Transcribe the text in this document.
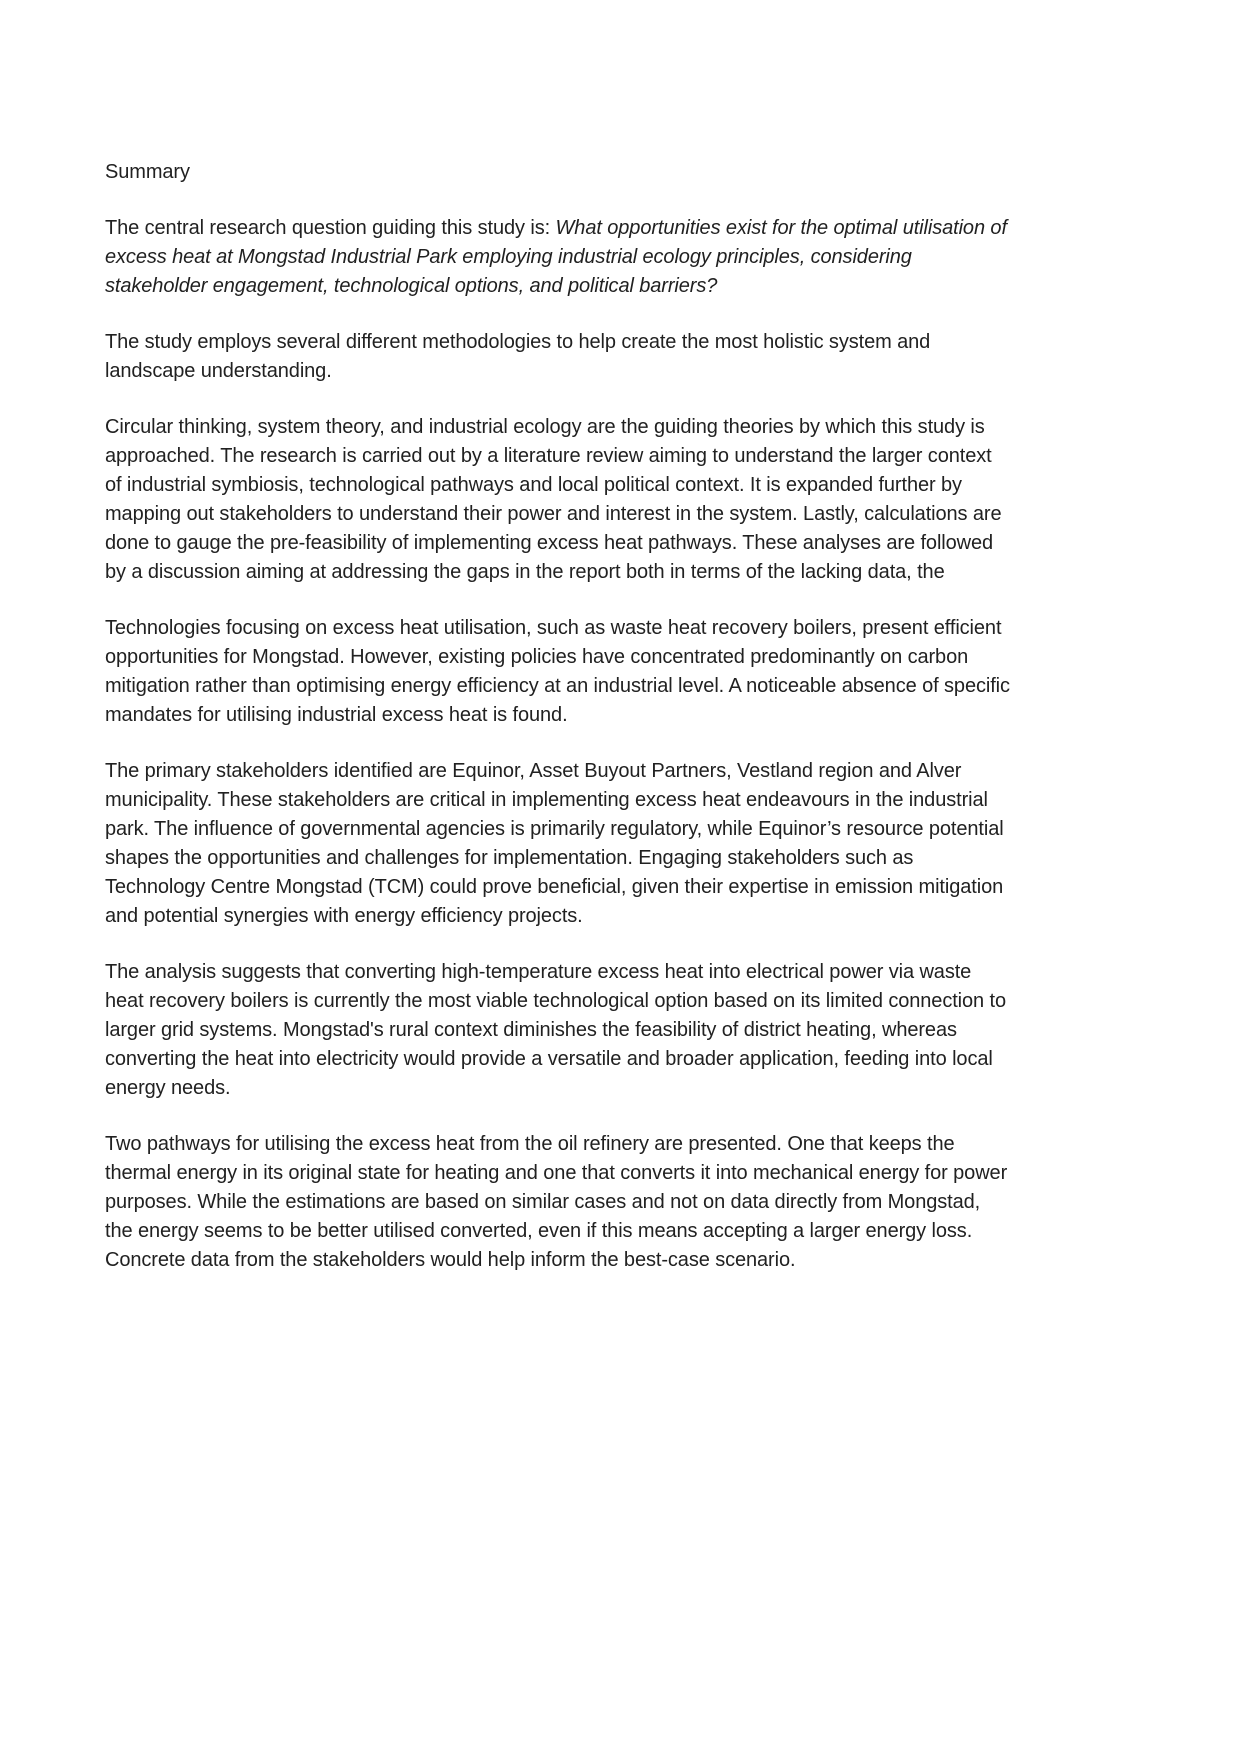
Summary

The central research question guiding this study is: What opportunities exist for the optimal utilisation of excess heat at Mongstad Industrial Park employing industrial ecology principles, considering stakeholder engagement, technological options, and political barriers?

The study employs several different methodologies to help create the most holistic system and landscape understanding.

Circular thinking, system theory, and industrial ecology are the guiding theories by which this study is approached. The research is carried out by a literature review aiming to understand the larger context of industrial symbiosis, technological pathways and local political context. It is expanded further by mapping out stakeholders to understand their power and interest in the system. Lastly, calculations are done to gauge the pre-feasibility of implementing excess heat pathways. These analyses are followed by a discussion aiming at addressing the gaps in the report both in terms of the lacking data, the

Technologies focusing on excess heat utilisation, such as waste heat recovery boilers, present efficient opportunities for Mongstad. However, existing policies have concentrated predominantly on carbon mitigation rather than optimising energy efficiency at an industrial level. A noticeable absence of specific mandates for utilising industrial excess heat is found.

The primary stakeholders identified are Equinor, Asset Buyout Partners, Vestland region and Alver municipality. These stakeholders are critical in implementing excess heat endeavours in the industrial park. The influence of governmental agencies is primarily regulatory, while Equinor’s resource potential shapes the opportunities and challenges for implementation. Engaging stakeholders such as Technology Centre Mongstad (TCM) could prove beneficial, given their expertise in emission mitigation and potential synergies with energy efficiency projects.

The analysis suggests that converting high-temperature excess heat into electrical power via waste heat recovery boilers is currently the most viable technological option based on its limited connection to larger grid systems. Mongstad's rural context diminishes the feasibility of district heating, whereas converting the heat into electricity would provide a versatile and broader application, feeding into local energy needs.

Two pathways for utilising the excess heat from the oil refinery are presented. One that keeps the thermal energy in its original state for heating and one that converts it into mechanical energy for power purposes. While the estimations are based on similar cases and not on data directly from Mongstad, the energy seems to be better utilised converted, even if this means accepting a larger energy loss. Concrete data from the stakeholders would help inform the best-case scenario.
